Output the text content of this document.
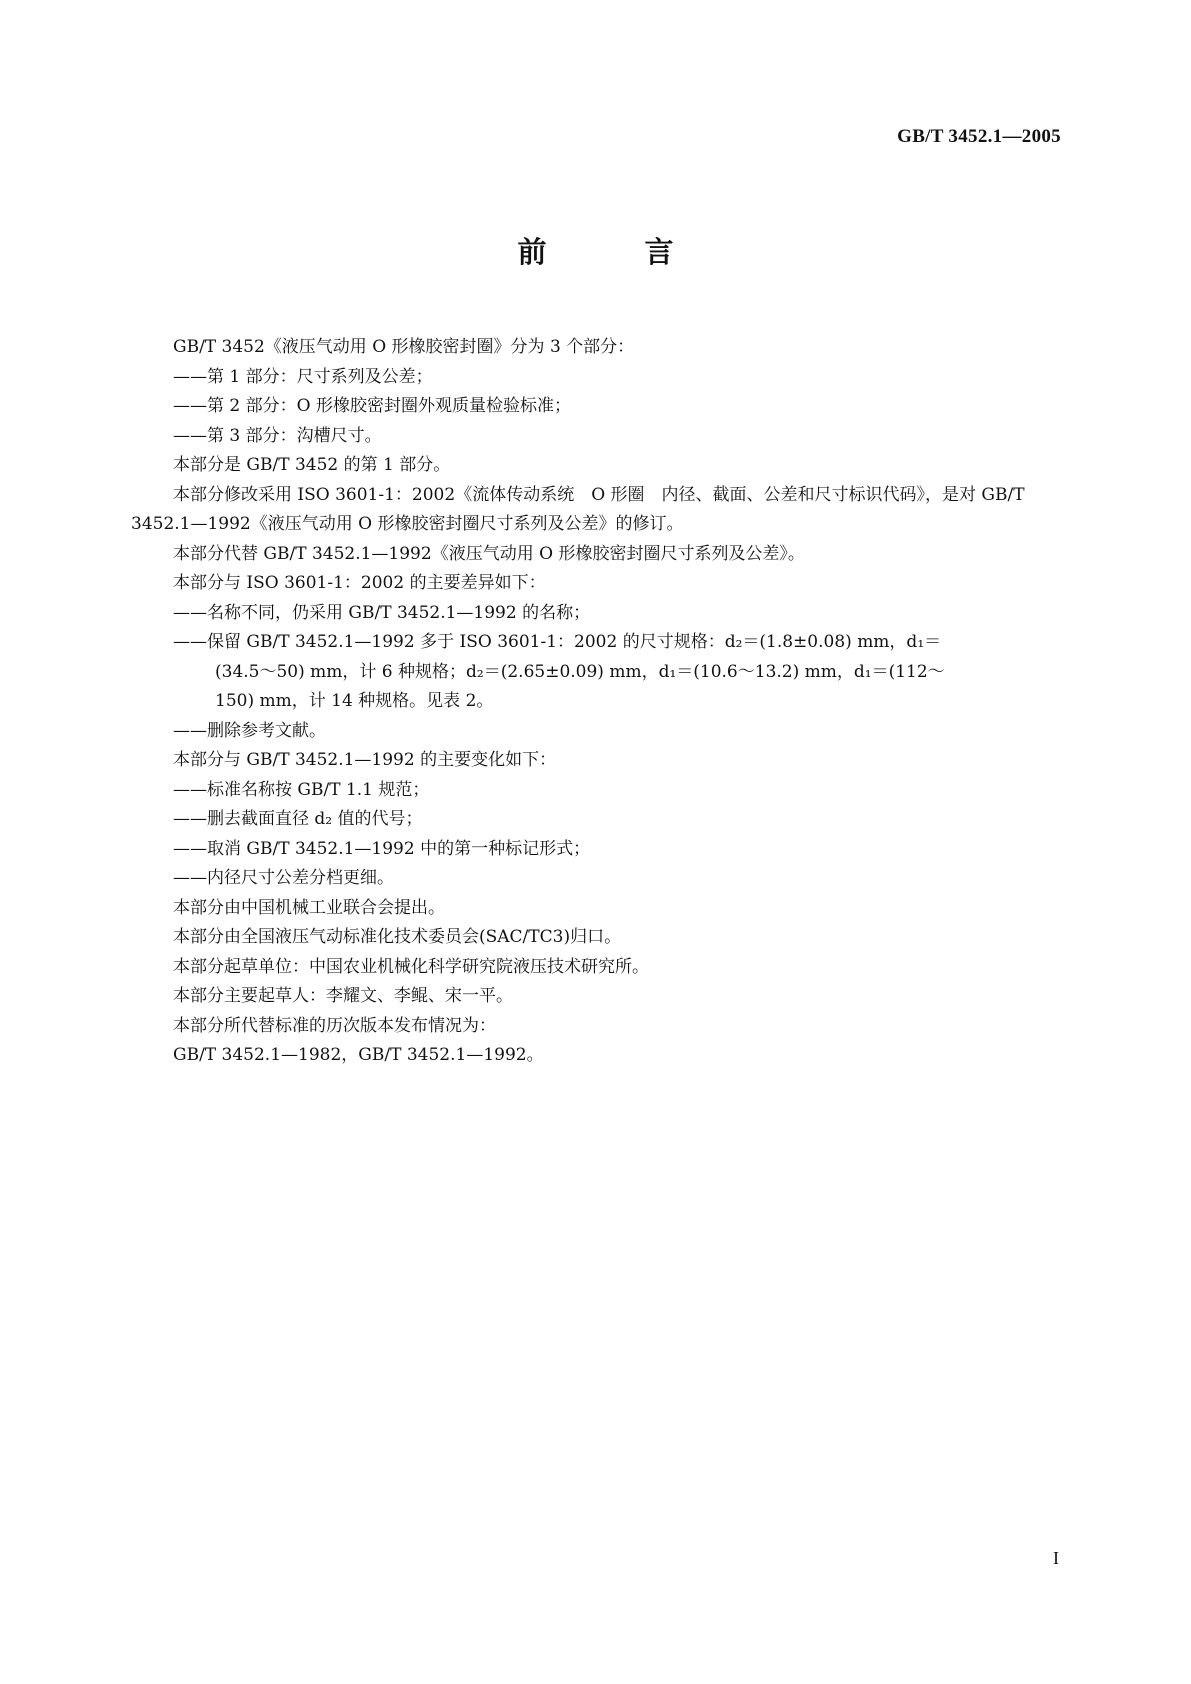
GB/T 3452.1—2005
前 言

GB/T 3452《液压气动用 O 形橡胶密封圈》分为 3 个部分：

——第 1 部分：尺寸系列及公差；

——第 2 部分：O 形橡胶密封圈外观质量检验标准；

——第 3 部分：沟槽尺寸。

本部分是 GB/T 3452 的第 1 部分。

本部分修改采用 ISO 3601-1：2002《流体传动系统　O 形圈　内径、截面、公差和尺寸标识代码》，是对 GB/T 3452.1—1992《液压气动用 O 形橡胶密封圈尺寸系列及公差》的修订。

本部分代替 GB/T 3452.1—1992《液压气动用 O 形橡胶密封圈尺寸系列及公差》。

本部分与 ISO 3601-1：2002 的主要差异如下：

——名称不同，仍采用 GB/T 3452.1—1992 的名称；

——保留 GB/T 3452.1—1992 多于 ISO 3601-1：2002 的尺寸规格：d₂＝(1.8±0.08) mm，d₁＝

(34.5～50) mm，计 6 种规格；d₂＝(2.65±0.09) mm，d₁＝(10.6～13.2) mm，d₁＝(112～

150) mm，计 14 种规格。见表 2。

——删除参考文献。

本部分与 GB/T 3452.1—1992 的主要变化如下：

——标准名称按 GB/T 1.1 规范；

——删去截面直径 d₂ 值的代号；

——取消 GB/T 3452.1—1992 中的第一种标记形式；

——内径尺寸公差分档更细。

本部分由中国机械工业联合会提出。

本部分由全国液压气动标准化技术委员会(SAC/TC3)归口。

本部分起草单位：中国农业机械化科学研究院液压技术研究所。

本部分主要起草人：李耀文、李鲲、宋一平。

本部分所代替标准的历次版本发布情况为：

GB/T 3452.1—1982，GB/T 3452.1—1992。

I
